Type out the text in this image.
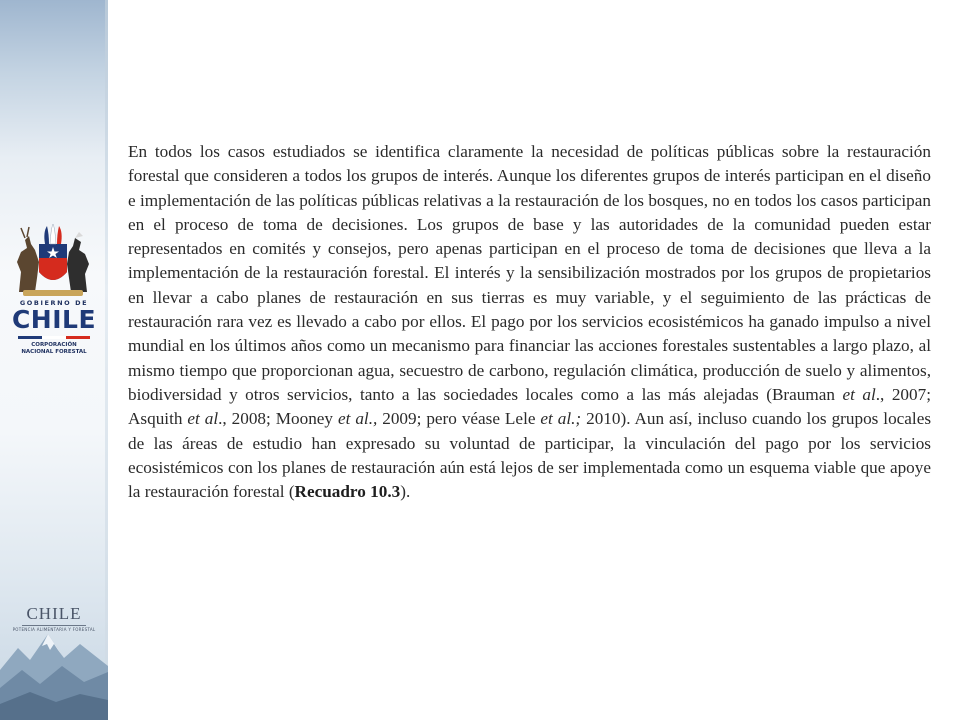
GOBIERNO DE
CHILE
CORPORACIÓN
NACIONAL FORESTAL
CHILE
POTENCIA ALIMENTARIA Y FORESTAL

En todos los casos estudiados se identifica claramente la necesidad de políticas públicas sobre la restauración forestal que consideren a todos los grupos de interés. Aunque los diferentes grupos de interés participan en el diseño e implementación de las políticas públicas relativas a la restauración de los bosques, no en todos los casos participan en el proceso de toma de decisiones. Los grupos de base y las autoridades de la comunidad pueden estar representados en comités y consejos, pero apenas participan en el proceso de toma de decisiones que lleva a la implementación de la restauración forestal. El interés y la sensibilización mostrados por los grupos de propietarios en llevar a cabo planes de restauración en sus tierras es muy variable, y el seguimiento de las prácticas de restauración rara vez es llevado a cabo por ellos. El pago por los servicios ecosistémicos ha ganado impulso a nivel mundial en los últimos años como un mecanismo para financiar las acciones forestales sustentables a largo plazo, al mismo tiempo que proporcionan agua, secuestro de carbono, regulación climática, producción de suelo y alimentos, biodiversidad y otros servicios, tanto a las sociedades locales como a las más alejadas (Brauman et al., 2007; Asquith et al., 2008; Mooney et al., 2009; pero véase Lele et al.; 2010). Aun así, incluso cuando los grupos locales de las áreas de estudio han expresado su voluntad de participar, la vinculación del pago por los servicios ecosistémicos con los planes de restauración aún está lejos de ser implementada como un esquema viable que apoye la restauración forestal (Recuadro 10.3).
